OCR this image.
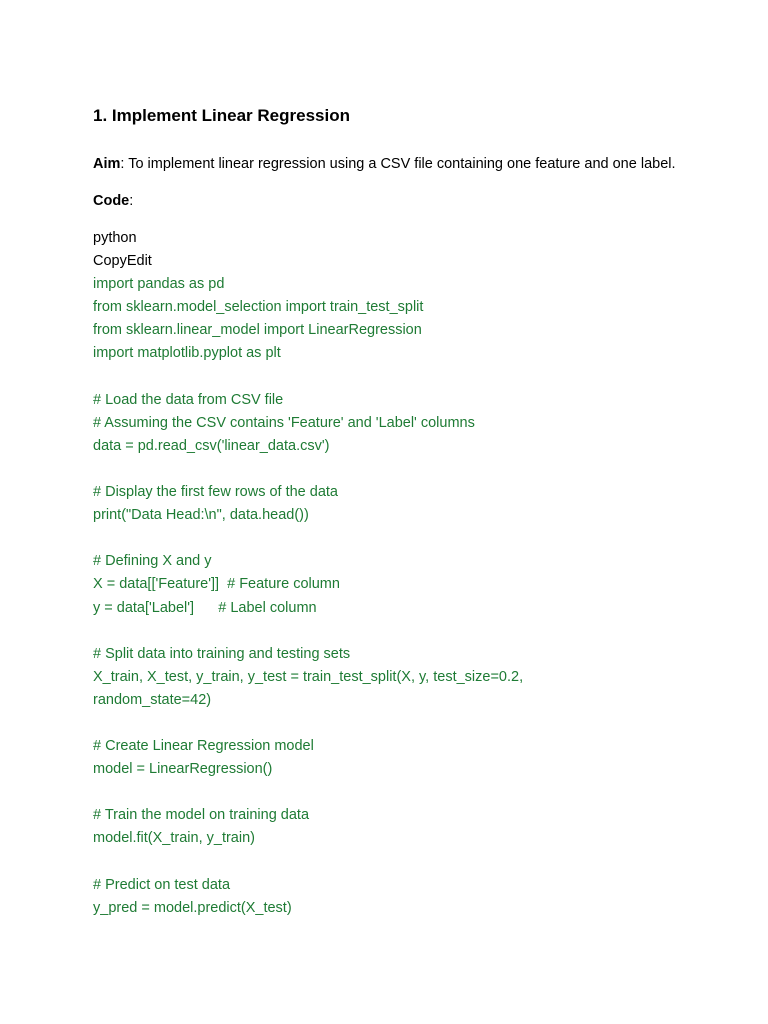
1. Implement Linear Regression

Aim: To implement linear regression using a CSV file containing one feature and one label.

Code:

python
CopyEdit
import pandas as pd
from sklearn.model_selection import train_test_split
from sklearn.linear_model import LinearRegression
import matplotlib.pyplot as plt
# Load the data from CSV file
# Assuming the CSV contains 'Feature' and 'Label' columns
data = pd.read_csv('linear_data.csv')
# Display the first few rows of the data
print("Data Head:\n", data.head())
# Defining X and y
X = data[['Feature']]  # Feature column
y = data['Label']      # Label column
# Split data into training and testing sets
X_train, X_test, y_train, y_test = train_test_split(X, y, test_size=0.2,
random_state=42)
# Create Linear Regression model
model = LinearRegression()
# Train the model on training data
model.fit(X_train, y_train)
# Predict on test data
y_pred = model.predict(X_test)
